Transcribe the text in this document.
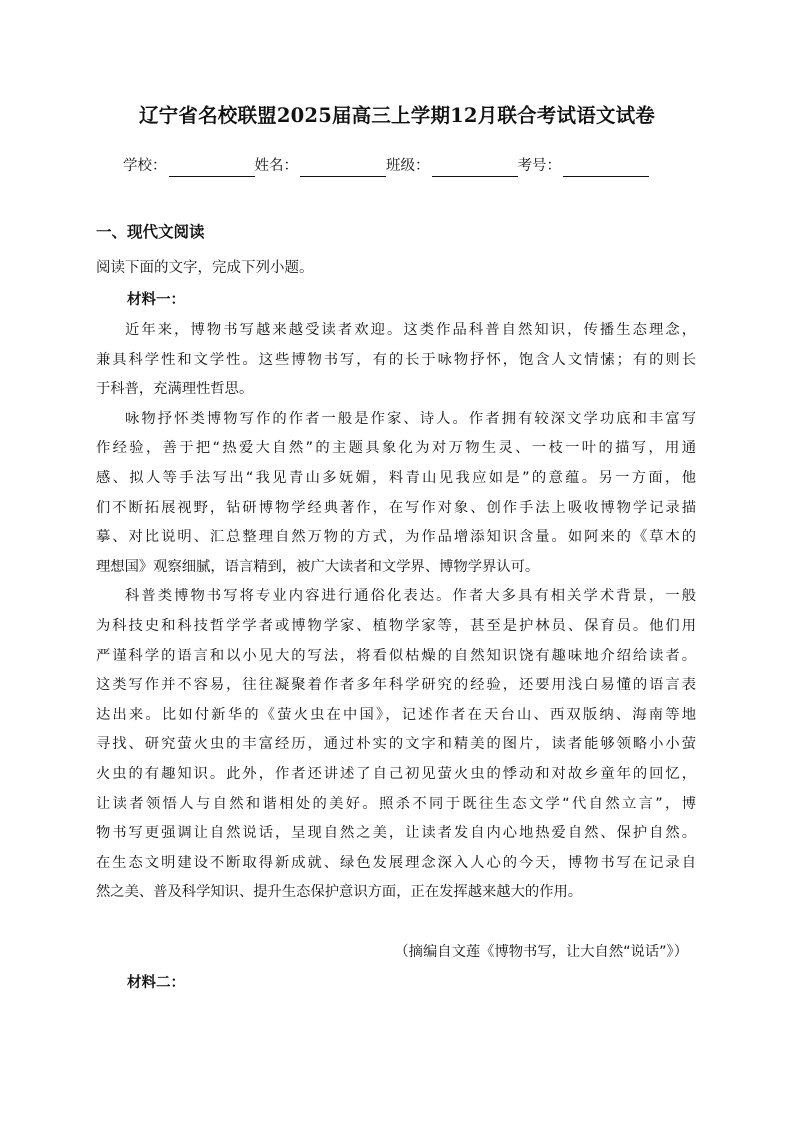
辽宁省名校联盟2025届高三上学期12月联合考试语文试卷
学校：	姓名：	班级：	考号：
一、现代文阅读
阅读下面的文字，完成下列小题。
材料一：
近年来，博物书写越来越受读者欢迎。这类作品科普自然知识，传播生态理念，
兼具科学性和文学性。这些博物书写，有的长于咏物抒怀，饱含人文情愫；有的则长
于科普，充满理性哲思。
咏物抒怀类博物写作的作者一般是作家、诗人。作者拥有较深文学功底和丰富写
作经验，善于把“热爱大自然”的主题具象化为对万物生灵、一枝一叶的描写，用通
感、拟人等手法写出“我见青山多妩媚，料青山见我应如是”的意蕴。另一方面，他
们不断拓展视野，钻研博物学经典著作，在写作对象、创作手法上吸收博物学记录描
摹、对比说明、汇总整理自然万物的方式，为作品增添知识含量。如阿来的《草木的
理想国》观察细腻，语言精到，被广大读者和文学界、博物学界认可。
科普类博物书写将专业内容进行通俗化表达。作者大多具有相关学术背景，一般
为科技史和科技哲学学者或博物学家、植物学家等，甚至是护林员、保育员。他们用
严谨科学的语言和以小见大的写法，将看似枯燥的自然知识饶有趣味地介绍给读者。
这类写作并不容易，往往凝聚着作者多年科学研究的经验，还要用浅白易懂的语言表
达出来。比如付新华的《萤火虫在中国》，记述作者在天台山、西双版纳、海南等地
寻找、研究萤火虫的丰富经历，通过朴实的文字和精美的图片，读者能够领略小小萤
火虫的有趣知识。此外，作者还讲述了自己初见萤火虫的悸动和对故乡童年的回忆，
让读者领悟人与自然和谐相处的美好。照杀不同于既往生态文学“代自然立言”，博
物书写更强调让自然说话，呈现自然之美，让读者发自内心地热爱自然、保护自然。
在生态文明建设不断取得新成就、绿色发展理念深入人心的今天，博物书写在记录自
然之美、普及科学知识、提升生态保护意识方面，正在发挥越来越大的作用。
（摘编自文莲《博物书写，让大自然“说话”》）
材料二：
